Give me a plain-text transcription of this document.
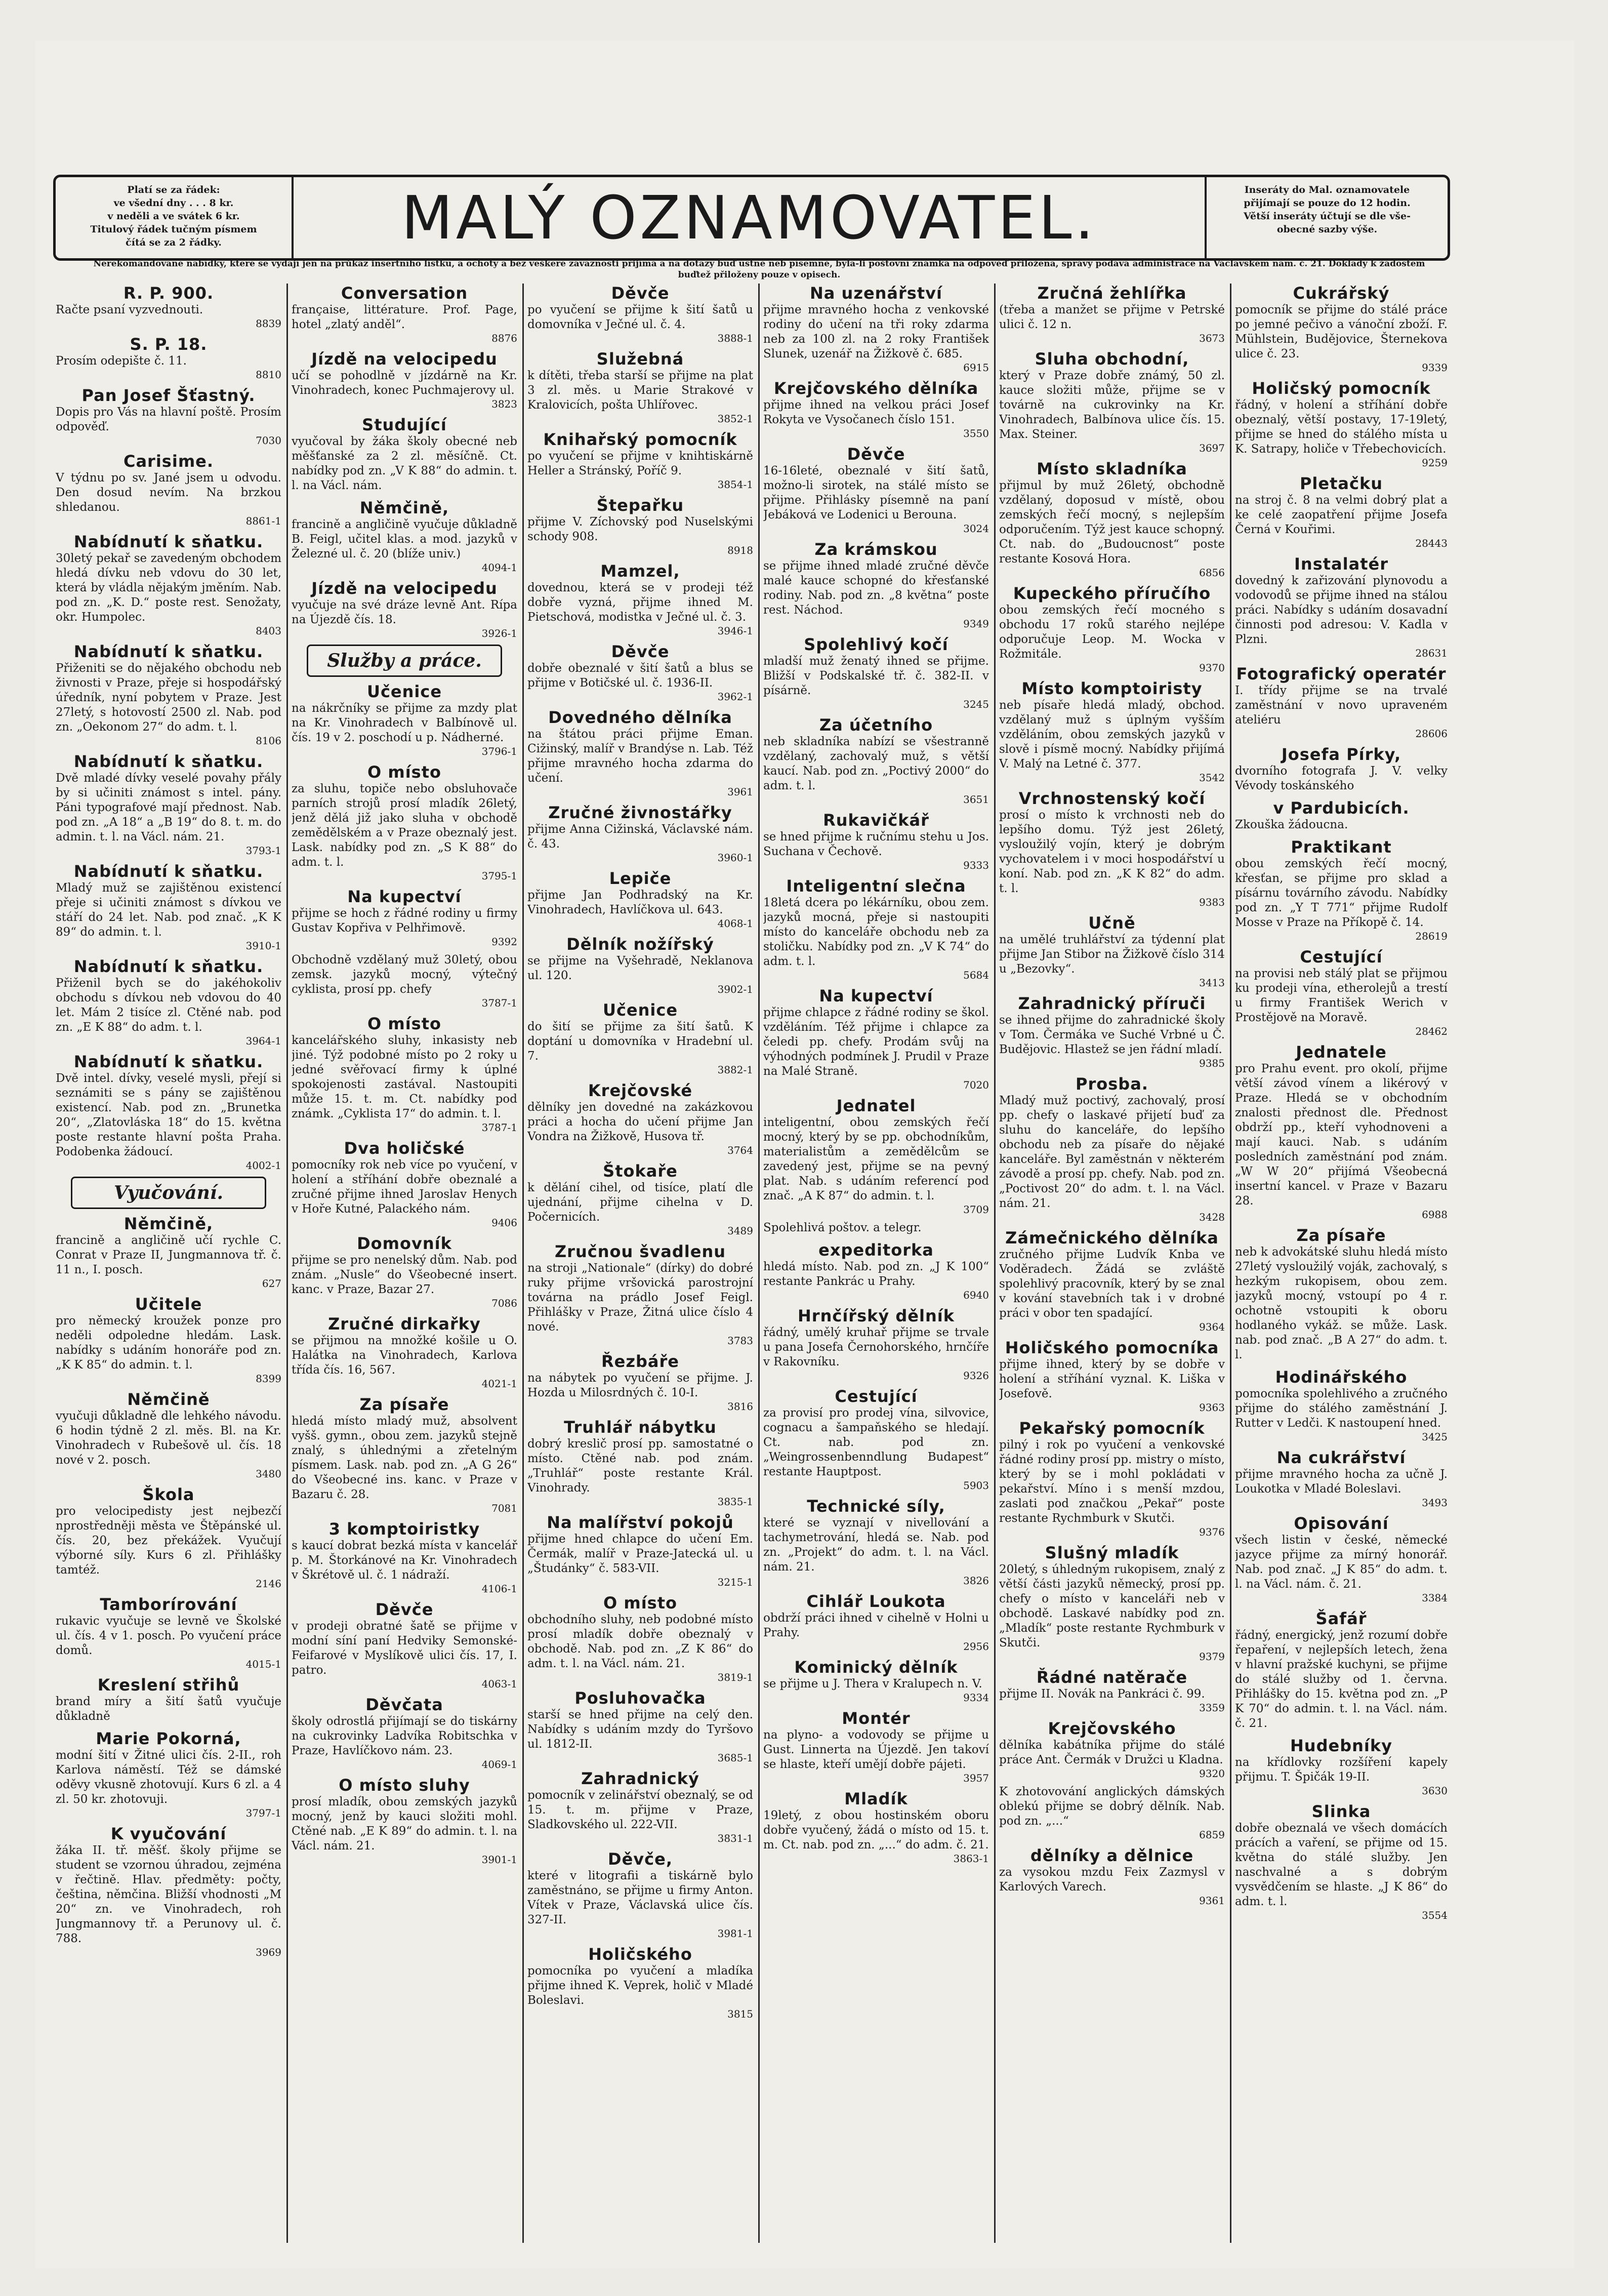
Platí se za řádek:
ve všední dny . . . 8 kr.
v neděli a ve svátek 6 kr.
Titulový řádek tučným písmem
čítá se za 2 řádky.	MALÝ OZNAMOVATEL.	Inseráty do Mal. oznamovatele
přijímají se pouze do 12 hodin.
Větší inseráty účtují se dle vše-
obecné sazby výše.
Nerekomandované nabídky, které se vydají jen na průkaz insertního lístku, a ochoty a bez veškeré závaznosti přijímá a na dotazy buď ústně neb písemně, byla-li poštovní známka na odpověď přiložena, správy podává administrace na Václavském nám. č. 21. Doklady k žádostem buďtež přiloženy pouze v opisech.
R. P. 900.
Račte psaní vyzvednouti.
8839
S. P. 18.
Prosím odepište č. 11.
8810
Pan Josef Šťastný.
Dopis pro Vás na hlavní poště. Prosím odpověď.
7030
Carisime.
V týdnu po sv. Jané jsem u odvodu. Den dosud nevím. Na brzkou shledanou.
8861-1
Nabídnutí k sňatku.
30letý pekař se zavedeným obchodem hledá dívku neb vdovu do 30 let, která by vládla nějakým jměním. Nab. pod zn. „K. D.“ poste rest. Senožaty, okr. Humpolec.
8403
Nabídnutí k sňatku.
Přiženiti se do nějakého obchodu neb živnosti v Praze, přeje si hospodářský úředník, nyní pobytem v Praze. Jest 27letý, s hotovostí 2500 zl. Nab. pod zn. „Oekonom 27“ do adm. t. l.
8106
Nabídnutí k sňatku.
Dvě mladé dívky veselé povahy přály by si učiniti známost s intel. pány. Páni typografové mají přednost. Nab. pod zn. „A 18“ a „B 19“ do 8. t. m. do admin. t. l. na Václ. nám. 21.
3793-1
Nabídnutí k sňatku.
Mladý muž se zajištěnou existencí přeje si učiniti známost s dívkou ve stáří do 24 let. Nab. pod znač. „K K 89“ do admin. t. l.
3910-1
Nabídnutí k sňatku.
Přiženil bych se do jakéhokoliv obchodu s dívkou neb vdovou do 40 let. Mám 2 tisíce zl. Ctěné nab. pod zn. „E K 88“ do adm. t. l.
3964-1
Nabídnutí k sňatku.
Dvě intel. dívky, veselé mysli, přejí si seznámiti se s pány se zajištěnou existencí. Nab. pod zn. „Brunetka 20“, „Zlatovláska 18“ do 15. května poste restante hlavní pošta Praha. Podobenka žádoucí.
4002-1
Vyučování.
Němčině,
francině a angličině učí rychle C. Conrat v Praze II, Jungmannova tř. č. 11 n., I. posch.
627
Učitele
pro německý kroužek ponze pro neděli odpoledne hledám. Lask. nabídky s udáním honoráře pod zn. „K K 85“ do admin. t. l.
8399
Němčině
vyučuji důkladně dle lehkého návodu. 6 hodin týdně 2 zl. měs. Bl. na Kr. Vinohradech v Rubešově ul. čís. 18 nové v 2. posch.
3480
Škola
pro velocipedisty jest nejbezčí nprostředněji města ve Štěpánské ul. čís. 20, bez překážek. Vyučují výborné síly. Kurs 6 zl. Přihlášky tamtéž.
2146
Tamborírování
rukavic vyučuje se levně ve Školské ul. čís. 4 v 1. posch. Po vyučení práce domů.
4015-1
Kreslení střihů
brand míry a šití šatů vyučuje důkladně
Marie Pokorná,
modní šití v Žitné ulici čís. 2-II., roh Karlova náměstí. Též se dámské oděvy vkusně zhotovují. Kurs 6 zl. a 4 zl. 50 kr. zhotovuji.
3797-1
K vyučování
žáka II. tř. měšť. školy přijme se student se vzornou úhradou, zejména v řečtině. Hlav. předměty: počty, čeština, němčina. Bližší vhodnosti „M 20“ zn. ve Vinohradech, roh Jungmannovy tř. a Perunovy ul. č. 788.
3969
Conversation
française, littérature. Prof. Page, hotel „zlatý anděl“.
8876
Jízdě na velocipedu
učí se pohodlně v jízdárně na Kr. Vinohradech, konec Puchmajerovy ul.
3823
Studující
vyučoval by žáka školy obecné neb měšťanské za 2 zl. měsíčně. Ct. nabídky pod zn. „V K 88“ do admin. t. l. na Václ. nám.
Němčině,
francině a angličině vyučuje důkladně B. Feigl, učitel klas. a mod. jazyků v Železné ul. č. 20 (blíže univ.)
4094-1
Jízdě na velocipedu
vyučuje na své dráze levně Ant. Rípa na Újezdě čís. 18.
3926-1
Služby a práce.
Učenice
na nákrčníky se přijme za mzdy plat na Kr. Vinohradech v Balbínově ul. čís. 19 v 2. poschodí u p. Nádherné.
3796-1
O místo
za sluhu, topiče nebo obsluhovače parních strojů prosí mladík 26letý, jenž dělá již jako sluha v obchodě zemědělském a v Praze obeznalý jest. Lask. nabídky pod zn. „S K 88“ do adm. t. l.
3795-1
Na kupectví
přijme se hoch z řádné rodiny u firmy Gustav Kopřiva v Pelhřimově.
9392
Obchodně vzdělaný muž 30letý, obou zemsk. jazyků mocný, výtečný cyklista, prosí pp. chefy
3787-1
O místo
kancelářského sluhy, inkasisty neb jiné. Týž podobné místo po 2 roky u jedné svěřovací firmy k úplné spokojenosti zastával. Nastoupiti může 15. t. m. Ct. nabídky pod známk. „Cyklista 17“ do admin. t. l.
3787-1
Dva holičské
pomocníky rok neb více po vyučení, v holení a stříhání dobře obeznalé a zručné přijme ihned Jaroslav Henych v Hoře Kutné, Palackého nám.
9406
Domovník
přijme se pro nenelský dům. Nab. pod znám. „Nusle“ do Všeobecné insert. kanc. v Praze, Bazar 27.
7086
Zručné dirkařky
se přijmou na množké košile u O. Halátka na Vinohradech, Karlova třída čís. 16, 567.
4021-1
Za písaře
hledá místo mladý muž, absolvent vyšš. gymn., obou zem. jazyků stejně znalý, s úhlednými a zřetelným písmem. Lask. nab. pod zn. „A G 26“ do Všeobecné ins. kanc. v Praze v Bazaru č. 28.
7081
3 komptoiristky
s kaucí dobrat bezká místa v kancelář p. M. Štorkánové na Kr. Vinohradech v Škrétově ul. č. 1 nádraží.
4106-1
Děvče
v prodeji obratné šatě se přijme v modní síní paní Hedviky Semonské-Feifarové v Myslíkově ulici čís. 17, I. patro.
4063-1
Děvčata
školy odrostlá přijímají se do tiskárny na cukrovinky Ladvíka Robitschka v Praze, Havlíčkovo nám. 23.
4069-1
O místo sluhy
prosí mladík, obou zemských jazyků mocný, jenž by kauci složiti mohl. Ctěné nab. „E K 89“ do admin. t. l. na Václ. nám. 21.
3901-1
Děvče
po vyučení se přijme k šití šatů u domovníka v Ječné ul. č. 4.
3888-1
Služebná
k dítěti, třeba starší se přijme na plat 3 zl. měs. u Marie Strakové v Kralovicích, pošta Uhlířovec.
3852-1
Knihařský pomocník
po vyučení se přijme v knihtiskárně Heller a Stránský, Poříč 9.
3854-1
Štepařku
přijme V. Zíchovský pod Nuselskými schody 908.
8918
Mamzel,
dovednou, která se v prodeji též dobře vyzná, přijme ihned M. Pietschová, modistka v Ječné ul. č. 3.
3946-1
Děvče
dobře obeznalé v šití šatů a blus se přijme v Botičské ul. č. 1936-II.
3962-1
Dovedného dělníka
na štátou práci přijme Eman. Cižinský, malíř v Brandýse n. Lab. Též přijme mravného hocha zdarma do učení.
3961
Zručné živnostářky
přijme Anna Cižinská, Václavské nám. č. 43.
3960-1
Lepiče
přijme Jan Podhradský na Kr. Vinohradech, Havlíčkova ul. 643.
4068-1
Dělník nožířský
se přijme na Vyšehradě, Neklanova ul. 120.
3902-1
Učenice
do šití se přijme za šití šatů. K doptání u domovníka v Hradební ul. 7.
3882-1
Krejčovské
dělníky jen dovedné na zakázkovou práci a hocha do učení přijme Jan Vondra na Žižkově, Husova tř.
3764
Štokaře
k dělání cihel, od tisíce, platí dle ujednání, přijme cihelna v D. Počernicích.
3489
Zručnou švadlenu
na stroji „Nationale“ (dírky) do dobré ruky přijme vršovická parostrojní továrna na prádlo Josef Feigl. Přihlášky v Praze, Žitná ulice číslo 4 nové.
3783
Řezbáře
na nábytek po vyučení se přijme. J. Hozda u Milosrdných č. 10-I.
3816
Truhlář nábytku
dobrý kreslič prosí pp. samostatné o místo. Ctěné nab. pod znám. „Truhlář“ poste restante Král. Vinohrady.
3835-1
Na malířství pokojů
přijme hned chlapce do učení Em. Čermák, malíř v Praze-Jatecká ul. u „Študánky“ č. 583-VII.
3215-1
O místo
obchodního sluhy, neb podobné místo prosí mladík dobře obeznalý v obchodě. Nab. pod zn. „Z K 86“ do adm. t. l. na Václ. nám. 21.
3819-1
Posluhovačka
starší se hned přijme na celý den. Nabídky s udáním mzdy do Tyršovo ul. 1812-II.
3685-1
Zahradnický
pomocník v zelinářství obeznalý, se od 15. t. m. přijme v Praze, Sladkovského ul. 222-VII.
3831-1
Děvče,
které v litografii a tiskárně bylo zaměstnáno, se přijme u firmy Anton. Vítek v Praze, Václavská ulice čís. 327-II.
3981-1
Holičského
pomocníka po vyučení a mladíka přijme ihned K. Veprek, holič v Mladé Boleslavi.
3815
Na uzenářství
přijme mravného hocha z venkovské rodiny do učení na tři roky zdarma neb za 100 zl. na 2 roky František Slunek, uzenář na Žižkově č. 685.
6915
Krejčovského dělníka
přijme ihned na velkou práci Josef Rokyta ve Vysočanech číslo 151.
3550
Děvče
16-16leté, obeznalé v šití šatů, možno-li sirotek, na stálé místo se přijme. Přihlásky písemně na paní Jebáková ve Lodenici u Berouna.
3024
Za krámskou
se přijme ihned mladé zručné děvče malé kauce schopné do křesťanské rodiny. Nab. pod zn. „8 května“ poste rest. Náchod.
9349
Spolehlivý kočí
mladší muž ženatý ihned se přijme. Bližší v Podskalské tř. č. 382-II. v písárně.
3245
Za účetního
neb skladníka nabízí se všestranně vzdělaný, zachovalý muž, s větší kaucí. Nab. pod zn. „Poctivý 2000“ do adm. t. l.
3651
Rukavičkář
se hned přijme k ručnímu stehu u Jos. Suchana v Čechově.
9333
Inteligentní slečna
18letá dcera po lékárníku, obou zem. jazyků mocná, přeje si nastoupiti místo do kanceláře obchodu neb za stoličku. Nabídky pod zn. „V K 74“ do adm. t. l.
5684
Na kupectví
přijme chlapce z řádné rodiny se škol. vzděláním. Též přijme i chlapce za čeledi pp. chefy. Prodám svůj na výhodných podmínek J. Prudil v Praze na Malé Straně.
7020
Jednatel
inteligentní, obou zemských řečí mocný, který by se pp. obchodníkům, materialistům a zemědělcům se zavedený jest, přijme se na pevný plat. Nab. s udáním referencí pod znač. „A K 87“ do admin. t. l.
3709
Spolehlivá poštov. a telegr.
expeditorka
hledá místo. Nab. pod zn. „J K 100“ restante Pankrác u Prahy.
6940
Hrnčířský dělník
řádný, umělý kruhař přijme se trvale u pana Josefa Černohorského, hrnčíře v Rakovníku.
9326
Cestující
za provisí pro prodej vína, silvovice, cognacu a šampaňského se hledají. Ct. nab. pod zn. „Weingrossenbenndlung Budapest“ restante Hauptpost.
5903
Technické síly,
které se vyznají v nivellování a tachymetrování, hledá se. Nab. pod zn. „Projekt“ do adm. t. l. na Václ. nám. 21.
3826
Cihlář Loukota
obdrží práci ihned v cihelně v Holni u Prahy.
2956
Kominický dělník
se přijme u J. Thera v Kralupech n. V.
9334
Montér
na plyno- a vodovody se přijme u Gust. Linnerta na Újezdě. Jen takoví se hlaste, kteří umějí dobře pájeti.
3957
Mladík
19letý, z obou hostinském oboru dobře vyučený, žádá o místo od 15. t. m. Ct. nab. pod zn. „...“ do adm. č. 21.
3863-1
Zručná žehlířka
(třeba a manžet se přijme v Petrské ulici č. 12 n.
3673
Sluha obchodní,
který v Praze dobře známý, 50 zl. kauce složiti může, přijme se v továrně na cukrovinky na Kr. Vinohradech, Balbínova ulice čís. 15. Max. Steiner.
3697
Místo skladníka
přijmul by muž 26letý, obchodně vzdělaný, doposud v místě, obou zemských řečí mocný, s nejlepším odporučením. Týž jest kauce schopný. Ct. nab. do „Budoucnost“ poste restante Kosová Hora.
6856
Kupeckého příručího
obou zemských řečí mocného s obchodu 17 roků starého nejlépe odporučuje Leop. M. Wocka v Rožmitále.
9370
Místo komptoiristy
neb písaře hledá mladý, obchod. vzdělaný muž s úplným vyšším vzděláním, obou zemských jazyků v slově i písmě mocný. Nabídky přijímá V. Malý na Letné č. 377.
3542
Vrchnostenský kočí
prosí o místo k vrchnosti neb do lepšího domu. Týž jest 26letý, vysloužilý vojín, který je dobrým vychovatelem i v moci hospodářství u koní. Nab. pod zn. „K K 82“ do adm. t. l.
9383
Učně
na umělé truhlářství za týdenní plat přijme Jan Stibor na Žižkově číslo 314 u „Bezovky“.
3413
Zahradnický příruči
se ihned přijme do zahradnické školy v Tom. Čermáka ve Suché Vrbné u Č. Budějovic. Hlastež se jen řádní mladí.
9385
Prosba.
Mladý muž poctivý, zachovalý, prosí pp. chefy o laskavé přijetí buď za sluhu do kanceláře, do lepšího obchodu neb za písaře do nějaké kanceláře. Byl zaměstnán v některém závodě a prosí pp. chefy. Nab. pod zn. „Poctivost 20“ do adm. t. l. na Václ. nám. 21.
3428
Zámečnického dělníka
zručného přijme Ludvík Knba ve Voděradech. Žádá se zvláště spolehlivý pracovník, který by se znal v kování stavebních tak i v drobné práci v obor ten spadající.
9364
Holičského pomocníka
přijme ihned, který by se dobře v holení a stříhání vyznal. K. Liška v Josefově.
9363
Pekařský pomocník
pilný i rok po vyučení a venkovské řádné rodiny prosí pp. mistry o místo, který by se i mohl pokládati v pekařství. Míno i s menší mzdou, zaslati pod značkou „Pekař“ poste restante Rychmburk v Skutči.
9376
Slušný mladík
20letý, s úhledným rukopisem, znalý z větší části jazyků německý, prosí pp. chefy o místo v kanceláři neb v obchodě. Laskavé nabídky pod zn. „Mladík“ poste restante Rychmburk v Skutči.
9379
Řádné natěrače
přijme II. Novák na Pankráci č. 99.
3359
Krejčovského
dělníka kabátníka přijme do stálé práce Ant. Čermák v Družci u Kladna.
9320
K zhotovování anglických dámských oblekú přijme se dobrý dělník. Nab. pod zn. „...“
6859
dělníky a dělnice
za vysokou mzdu Feix Zazmysl v Karlových Varech.
9361
Cukrářský
pomocník se přijme do stálé práce po jemné pečivo a vánoční zboží. F. Mühlstein, Budějovice, Šternekova ulice č. 23.
9339
Holičský pomocník
řádný, v holení a stříhání dobře obeznalý, větší postavy, 17-19letý, přijme se hned do stálého místa u K. Satrapy, holiče v Třebechovicích.
9259
Pletačku
na stroj č. 8 na velmi dobrý plat a ke celé zaopatření přijme Josefa Černá v Kouřimi.
28443
Instalatér
dovedný k zařizování plynovodu a vodovodů se přijme ihned na stálou práci. Nabídky s udáním dosavadní činnosti pod adresou: V. Kadla v Plzni.
28631
Fotografický operatér
I. třídy přijme se na trvalé zaměstnání v novo upraveném ateliéru
28606
Josefa Pírky,
dvorního fotografa J. V. velky Vévody toskánského
v Pardubicích.
Zkouška žádoucna.
Praktikant
obou zemských řečí mocný, křesťan, se přijme pro sklad a písárnu továrního závodu. Nabídky pod zn. „Y T 771“ přijme Rudolf Mosse v Praze na Příkopě č. 14.
28619
Cestující
na provisi neb stálý plat se přijmou ku prodeji vína, etherolejů a trestí u firmy František Werich v Prostějově na Moravě.
28462
Jednatele
pro Prahu event. pro okolí, přijme větší závod vínem a likérový v Praze. Hledá se v obchodním znalosti přednost dle. Přednost obdrží pp., kteří vyhodnoveni a mají kauci. Nab. s udáním posledních zaměstnání pod znám. „W W 20“ přijímá Všeobecná insertní kancel. v Praze v Bazaru 28.
6988
Za písaře
neb k advokátské sluhu hledá místo 27letý vysloužilý voják, zachovalý, s hezkým rukopisem, obou zem. jazyků mocný, vstoupí po 4 r. ochotně vstoupiti k oboru hodlaného vykáž. se může. Lask. nab. pod znač. „B A 27“ do adm. t. l.
Hodinářského
pomocníka spolehlivého a zručného přijme do stálého zaměstnání J. Rutter v Ledči. K nastoupení hned.
3425
Na cukrářství
přijme mravného hocha za učně J. Loukotka v Mladé Boleslavi.
3493
Opisování
všech listin v české, německé jazyce přijme za mírný honorář. Nab. pod znač. „J K 85“ do adm. t. l. na Václ. nám. č. 21.
3384
Šafář
řádný, energický, jenž rozumí dobře řepaření, v nejlepších letech, žena v hlavní pražské kuchyni, se přijme do stálé služby od 1. června. Přihlášky do 15. května pod zn. „P K 70“ do admin. t. l. na Václ. nám. č. 21.
Hudebníky
na křídlovky rozšíření kapely přijmu. T. Špičák 19-II.
3630
Slinka
dobře obeznalá ve všech domácích prácích a vaření, se přijme od 15. května do stálé služby. Jen naschvalné a s dobrým vysvědčením se hlaste. „J K 86“ do adm. t. l.
3554
